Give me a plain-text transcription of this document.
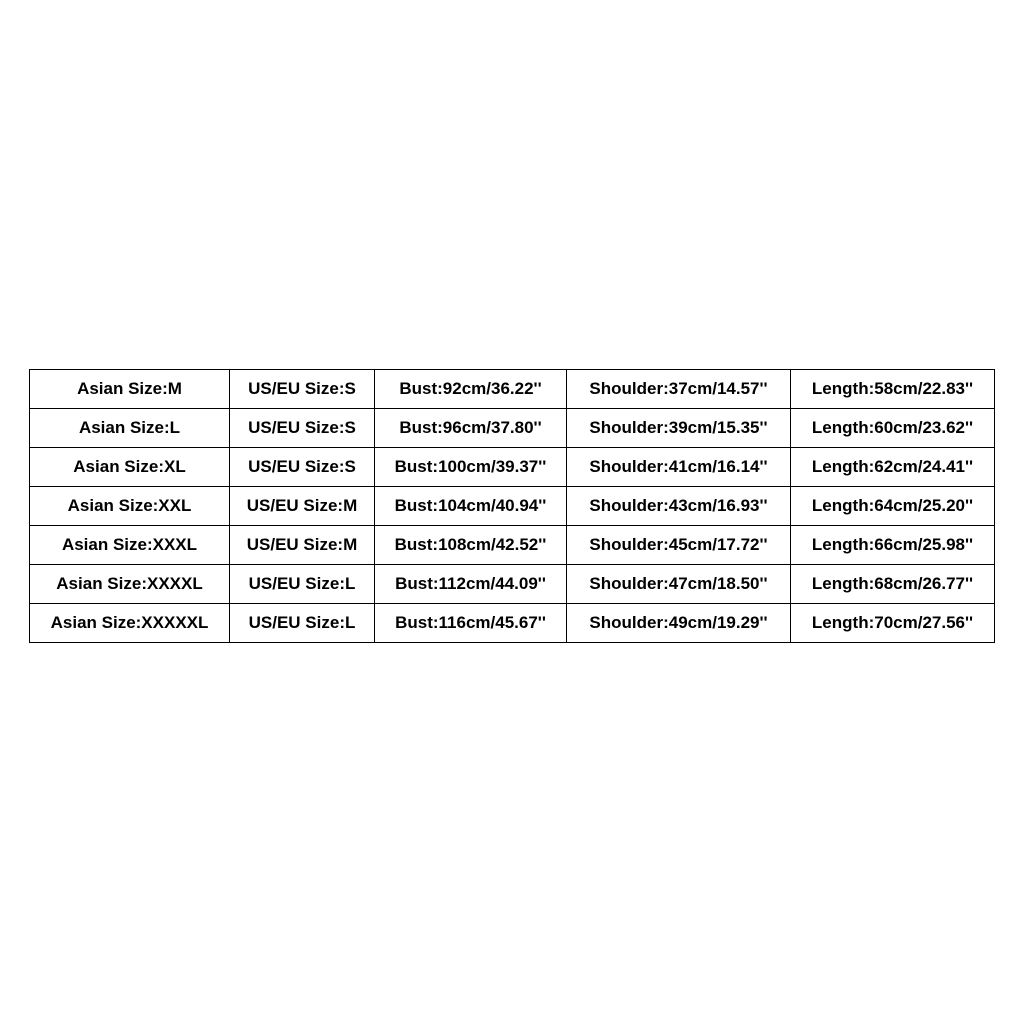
Asian Size:M	US/EU Size:S	Bust:92cm/36.22''	Shoulder:37cm/14.57''	Length:58cm/22.83''
Asian Size:L	US/EU Size:S	Bust:96cm/37.80''	Shoulder:39cm/15.35''	Length:60cm/23.62''
Asian Size:XL	US/EU Size:S	Bust:100cm/39.37''	Shoulder:41cm/16.14''	Length:62cm/24.41''
Asian Size:XXL	US/EU Size:M	Bust:104cm/40.94''	Shoulder:43cm/16.93''	Length:64cm/25.20''
Asian Size:XXXL	US/EU Size:M	Bust:108cm/42.52''	Shoulder:45cm/17.72''	Length:66cm/25.98''
Asian Size:XXXXL	US/EU Size:L	Bust:112cm/44.09''	Shoulder:47cm/18.50''	Length:68cm/26.77''
Asian Size:XXXXXL	US/EU Size:L	Bust:116cm/45.67''	Shoulder:49cm/19.29''	Length:70cm/27.56''
